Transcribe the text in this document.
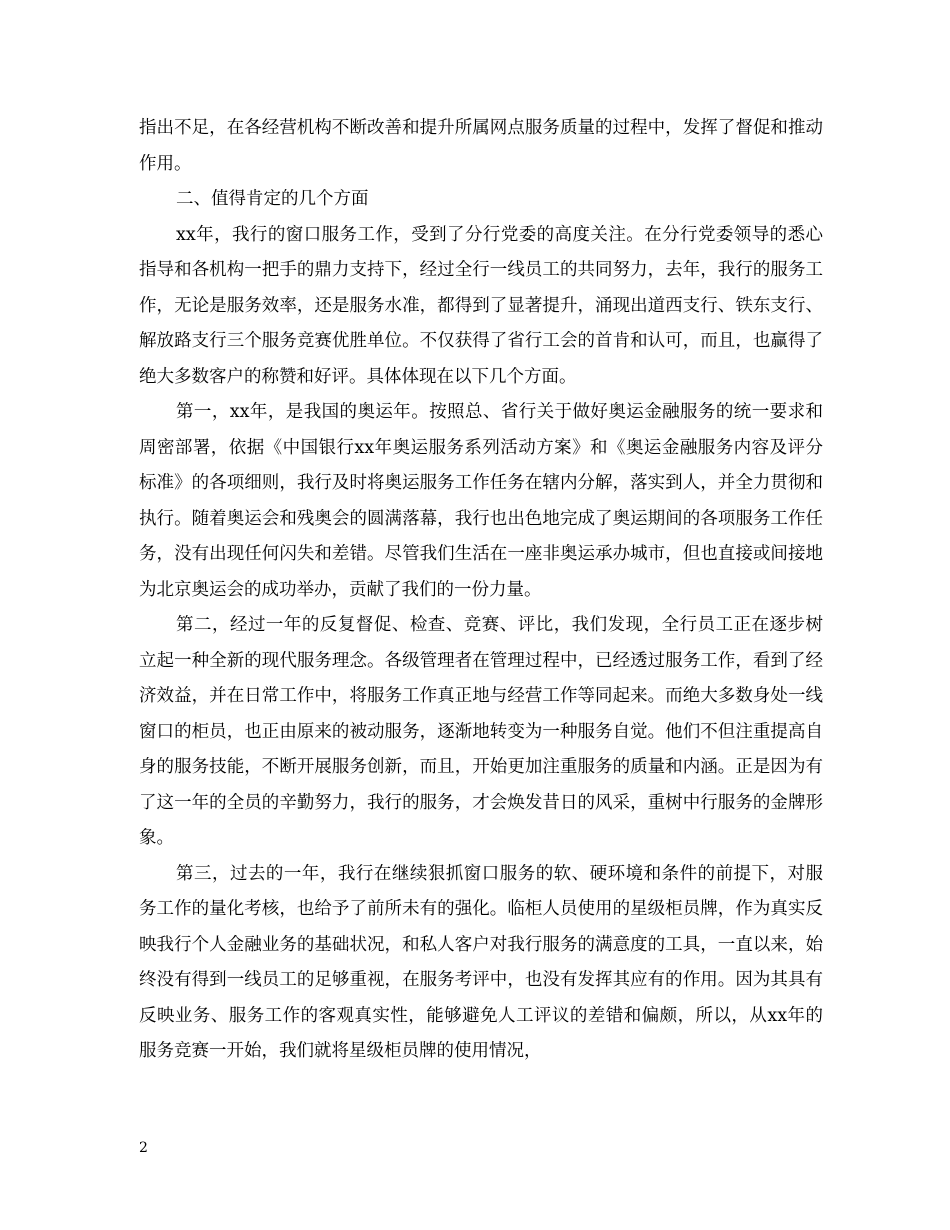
指出不足，在各经营机构不断改善和提升所属网点服务质量的过程中，发挥了督促和推动作用。

二、值得肯定的几个方面

xx年，我行的窗口服务工作，受到了分行党委的高度关注。在分行党委领导的悉心指导和各机构一把手的鼎力支持下，经过全行一线员工的共同努力，去年，我行的服务工作，无论是服务效率，还是服务水准，都得到了显著提升，涌现出道西支行、铁东支行、解放路支行三个服务竞赛优胜单位。不仅获得了省行工会的首肯和认可，而且，也赢得了绝大多数客户的称赞和好评。具体体现在以下几个方面。

第一，xx年，是我国的奥运年。按照总、省行关于做好奥运金融服务的统一要求和周密部署，依据《中国银行xx年奥运服务系列活动方案》和《奥运金融服务内容及评分标准》的各项细则，我行及时将奥运服务工作任务在辖内分解，落实到人，并全力贯彻和执行。随着奥运会和残奥会的圆满落幕，我行也出色地完成了奥运期间的各项服务工作任务，没有出现任何闪失和差错。尽管我们生活在一座非奥运承办城市，但也直接或间接地为北京奥运会的成功举办，贡献了我们的一份力量。

第二，经过一年的反复督促、检查、竞赛、评比，我们发现，全行员工正在逐步树立起一种全新的现代服务理念。各级管理者在管理过程中，已经透过服务工作，看到了经济效益，并在日常工作中，将服务工作真正地与经营工作等同起来。而绝大多数身处一线窗口的柜员，也正由原来的被动服务，逐渐地转变为一种服务自觉。他们不但注重提高自身的服务技能，不断开展服务创新，而且，开始更加注重服务的质量和内涵。正是因为有了这一年的全员的辛勤努力，我行的服务，才会焕发昔日的风采，重树中行服务的金牌形象。

第三，过去的一年，我行在继续狠抓窗口服务的软、硬环境和条件的前提下，对服务工作的量化考核，也给予了前所未有的强化。临柜人员使用的星级柜员牌，作为真实反映我行个人金融业务的基础状况，和私人客户对我行服务的满意度的工具，一直以来，始终没有得到一线员工的足够重视，在服务考评中，也没有发挥其应有的作用。因为其具有反映业务、服务工作的客观真实性，能够避免人工评议的差错和偏颇，所以，从xx年的服务竞赛一开始，我们就将星级柜员牌的使用情况，

2
